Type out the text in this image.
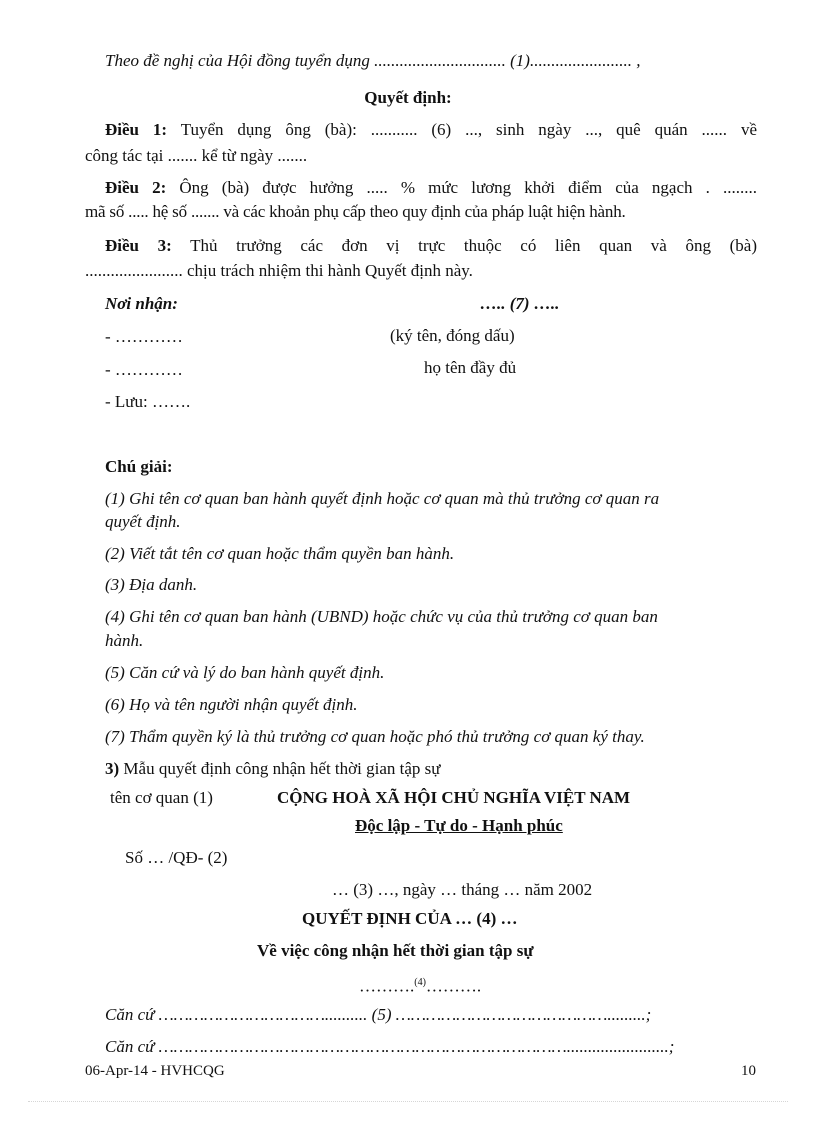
Theo đề nghị của Hội đồng tuyển dụng ............................... (1)........................ ,
Quyết định:
Điều 1: Tuyển dụng ông (bà): ........... (6) ..., sinh ngày ..., quê quán ...... về
công tác tại ....... kể từ ngày .......
Điều 2: Ông (bà) được hưởng ..... % mức lương khởi điểm của ngạch . ........
mã số ..... hệ số ....... và các khoản phụ cấp theo quy định của pháp luật hiện hành.
Điều 3: Thủ trưởng các đơn vị trực thuộc có liên quan và ông (bà)
....................... chịu trách nhiệm thi hành Quyết định này.
Nơi nhận:	….. (7) …..
- …………	(ký tên, đóng dấu)
- …………	họ tên đầy đủ
- Lưu: …….
Chú giải:
(1) Ghi tên cơ quan ban hành quyết định hoặc cơ quan mà thủ trưởng cơ quan ra
quyết định.
(2) Viết tắt tên cơ quan hoặc thẩm quyền ban hành.
(3) Địa danh.
(4) Ghi tên cơ quan ban hành (UBND) hoặc chức vụ của thủ trưởng cơ quan ban
hành.
(5) Căn cứ và lý do ban hành quyết định.
(6) Họ và tên người nhận quyết định.
(7) Thẩm quyền ký là thủ trưởng cơ quan hoặc phó thủ trưởng cơ quan ký thay.
3) Mẫu quyết định công nhận hết thời gian tập sự
tên cơ quan (1)	CỘNG HOÀ XÃ HỘI CHỦ NGHĨA VIỆT NAM
Độc lập - Tự do - Hạnh phúc
Số … /QĐ- (2)
… (3) …, ngày … tháng … năm 2002
QUYẾT ĐỊNH CỦA … (4) …
Về việc công nhận hết thời gian tập sự
……….$^{(4)}$……….
Căn cứ …………………………….......... (5) …………………………………….........;
Căn cứ ………………………………………………………………………........................;
06-Apr-14 - HVHCQG	10
